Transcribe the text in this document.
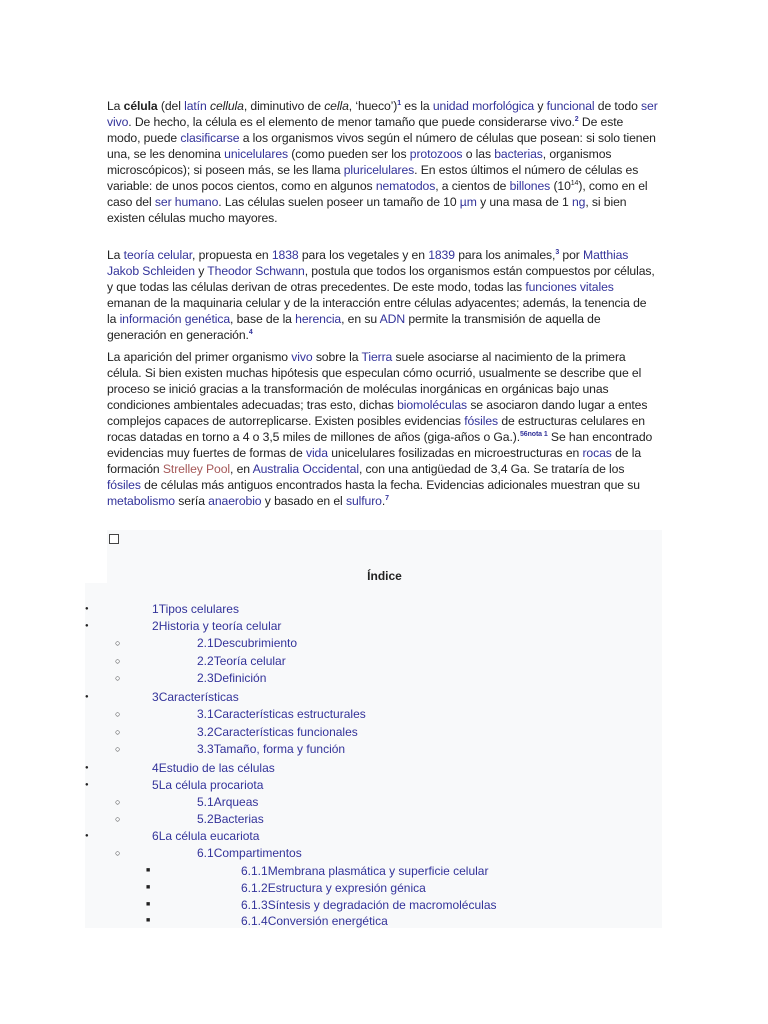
La célula (del latín cellula, diminutivo de cella, ‘hueco’)$^1$ es la unidad morfológica y funcional de todo ser vivo. De hecho, la célula es el elemento de menor tamaño que puede considerarse vivo.$^2$ De este modo, puede clasificarse a los organismos vivos según el número de células que posean: si solo tienen una, se les denomina unicelulares (como pueden ser los protozoos o las bacterias, organismos microscópicos); si poseen más, se les llama pluricelulares. En estos últimos el número de células es variable: de unos pocos cientos, como en algunos nematodos, a cientos de billones $(10^{14})$, como en el caso del ser humano. Las células suelen poseer un tamaño de 10 µm y una masa de 1 ng, si bien existen células mucho mayores.

La teoría celular, propuesta en 1838 para los vegetales y en 1839 para los animales,$^3$ por Matthias Jakob Schleiden y Theodor Schwann, postula que todos los organismos están compuestos por células, y que todas las células derivan de otras precedentes. De este modo, todas las funciones vitales emanan de la maquinaria celular y de la interacción entre células adyacentes; además, la tenencia de la información genética, base de la herencia, en su ADN permite la transmisión de aquella de generación en generación.$^4$

La aparición del primer organismo vivo sobre la Tierra suele asociarse al nacimiento de la primera célula. Si bien existen muchas hipótesis que especulan cómo ocurrió, usualmente se describe que el proceso se inició gracias a la transformación de moléculas inorgánicas en orgánicas bajo unas condiciones ambientales adecuadas; tras esto, dichas biomoléculas se asociaron dando lugar a entes complejos capaces de autorreplicarse. Existen posibles evidencias fósiles de estructuras celulares en rocas datadas en torno a 4 o 3,5 miles de millones de años (giga-años o Ga.).$^{5​6​nota 1}$ Se han encontrado evidencias muy fuertes de formas de vida unicelulares fosilizadas en microestructuras en rocas de la formación Strelley Pool, en Australia Occidental, con una antigüedad de 3,4 Ga. Se trataría de los fósiles de células más antiguos encontrados hasta la fecha. Evidencias adicionales muestran que su metabolismo sería anaerobio y basado en el sulfuro.$^7$

Índice
●	1Tipos celulares
●	2Historia y teoría celular
○	2.1Descubrimiento
○	2.2Teoría celular
○	2.3Definición
●	3Características
○	3.1Características estructurales
○	3.2Características funcionales
○	3.3Tamaño, forma y función
●	4Estudio de las células
●	5La célula procariota
○	5.1Arqueas
○	5.2Bacterias
●	6La célula eucariota
○	6.1Compartimentos
■	6.1.1Membrana plasmática y superficie celular
■	6.1.2Estructura y expresión génica
■	6.1.3Síntesis y degradación de macromoléculas
■	6.1.4Conversión energética
